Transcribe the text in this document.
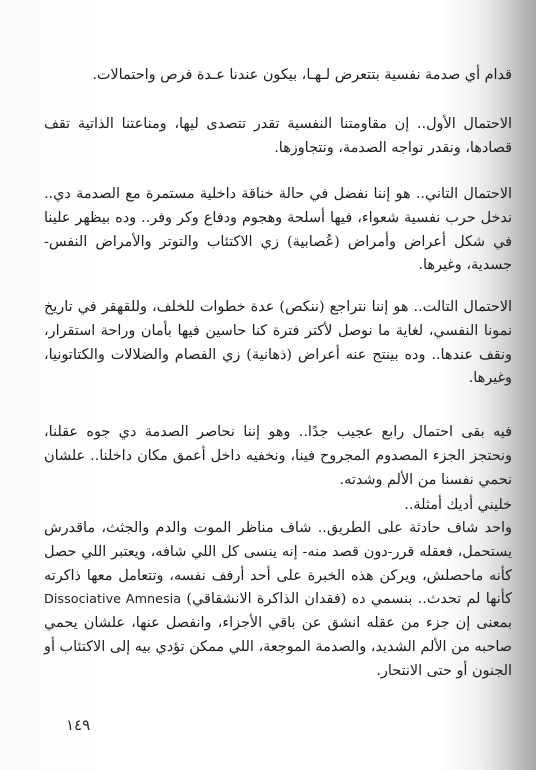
قدام أي صدمة نفسية بتتعرض لـهـا، بيكون عندنا عـدة فرص واحتمالات.

الاحتمال الأول.. إن مقاومتنا النفسية تقدر تتصدى ليها، ومناعتنا الذاتية تقف قصادها، ونقدر نواجه الصدمة، ونتجاوزها.

الاحتمال التاني.. هو إننا نفضل في حالة خناقة داخلية مستمرة مع الصدمة دي.. ندخل حرب نفسية شعواء، فيها أسلحة وهجوم ودفاع وكر وفر.. وده بيظهر علينا في شكل أعراض وأمراض (عُصابية) زي الاكتئاب والتوتر والأمراض النفس-جسدية، وغيرها.

الاحتمال التالت.. هو إننا نتراجع (ننكص) عدة خطوات للخلف، وللقهقر في تاريخ نمونا النفسي، لغاية ما نوصل لأكتر فترة كنا حاسين فيها بأمان وراحة استقرار، ونقف عندها.. وده بينتج عنه أعراض (ذهانية) زي الفصام والضلالات والكتاتونيا، وغيرها.

فيه بقى احتمال رابع عجيب جدًا.. وهو إننا نحاصر الصدمة دي جوه عقلنا، ونحتجز الجزء المصدوم المجروح فينا، ونخفيه داخل أعمق مكان داخلنا.. علشان نحمي نفسنا من الألم وشدته.

خليني أديك أمثلة..

واحد شاف حادثة على الطريق.. شاف مناظر الموت والدم والجثث، ماقدرش يستحمل، فعقله قرر-دون قصد منه- إنه ينسى كل اللي شافه، ويعتبر اللي حصل كأنه ماحصلش، ويركن هذه الخبرة على أحد أرفف نفسه، وتتعامل معها ذاكرته كأنها لم تحدث.. بنسمي ده (فقدان الذاكرة الانشقاقي) Dissociative Amnesia بمعنى إن جزء من عقله انشق عن باقي الأجزاء، وانفصل عنها، علشان يحمي صاحبه من الألم الشديد، والصدمة الموجعة، اللي ممكن تؤدي بيه إلى الاكتئاب أو الجنون أو حتى الانتحار.

١٤٩
